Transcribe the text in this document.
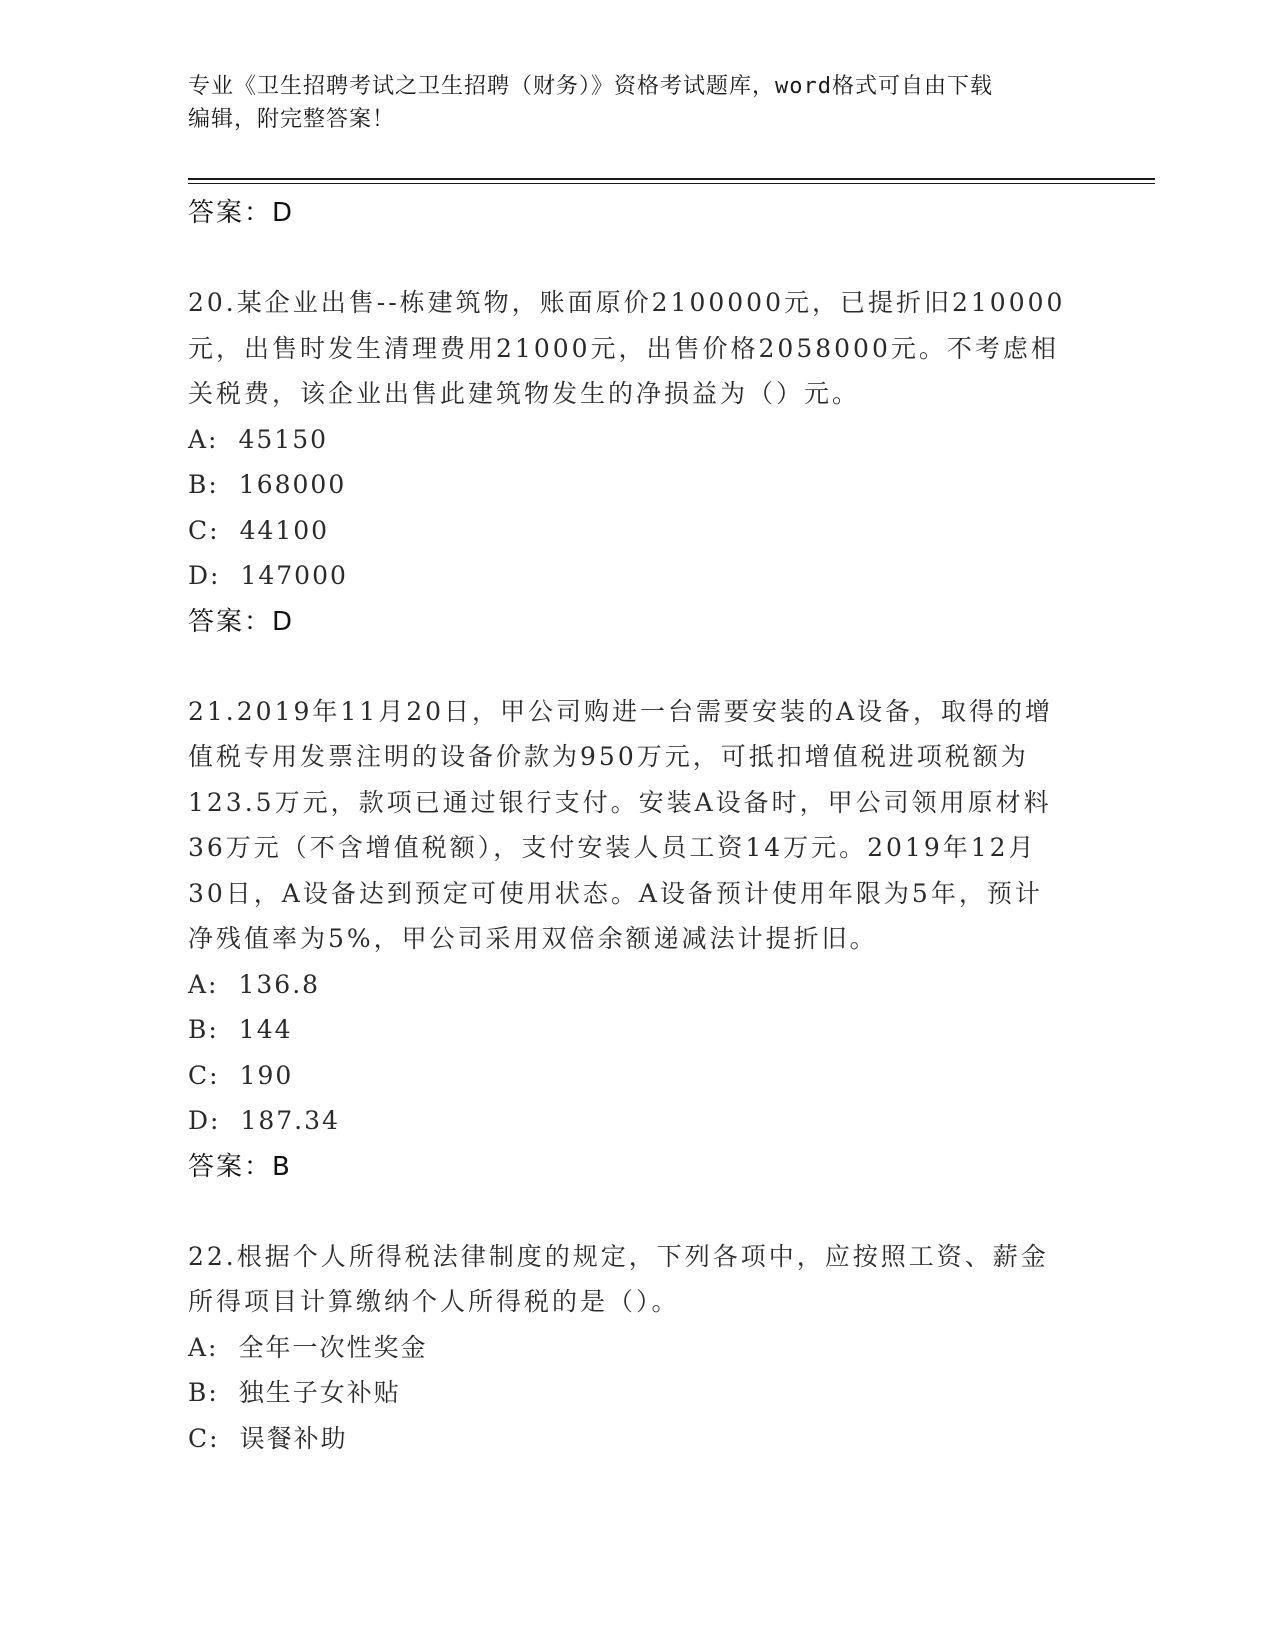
专业《卫生招聘考试之卫生招聘（财务）》资格考试题库，word格式可自由下载
编辑，附完整答案！
答案：D
20.某企业出售--栋建筑物，账面原价2100000元，已提折旧210000
元，出售时发生清理费用21000元，出售价格2058000元。不考虑相
关税费，该企业出售此建筑物发生的净损益为（）元。
A: 45150
B: 168000
C: 44100
D: 147000
答案：D
21.2019年11月20日，甲公司购进一台需要安装的A设备，取得的增
值税专用发票注明的设备价款为950万元，可抵扣增值税进项税额为
123.5万元，款项已通过银行支付。安装A设备时，甲公司领用原材料
36万元（不含增值税额），支付安装人员工资14万元。2019年12月
30日，A设备达到预定可使用状态。A设备预计使用年限为5年，预计
净残值率为5%，甲公司采用双倍余额递减法计提折旧。
A: 136.8
B: 144
C: 190
D: 187.34
答案：B
22.根据个人所得税法律制度的规定，下列各项中，应按照工资、薪金
所得项目计算缴纳个人所得税的是（）。
A: 全年一次性奖金
B: 独生子女补贴
C: 误餐补助
